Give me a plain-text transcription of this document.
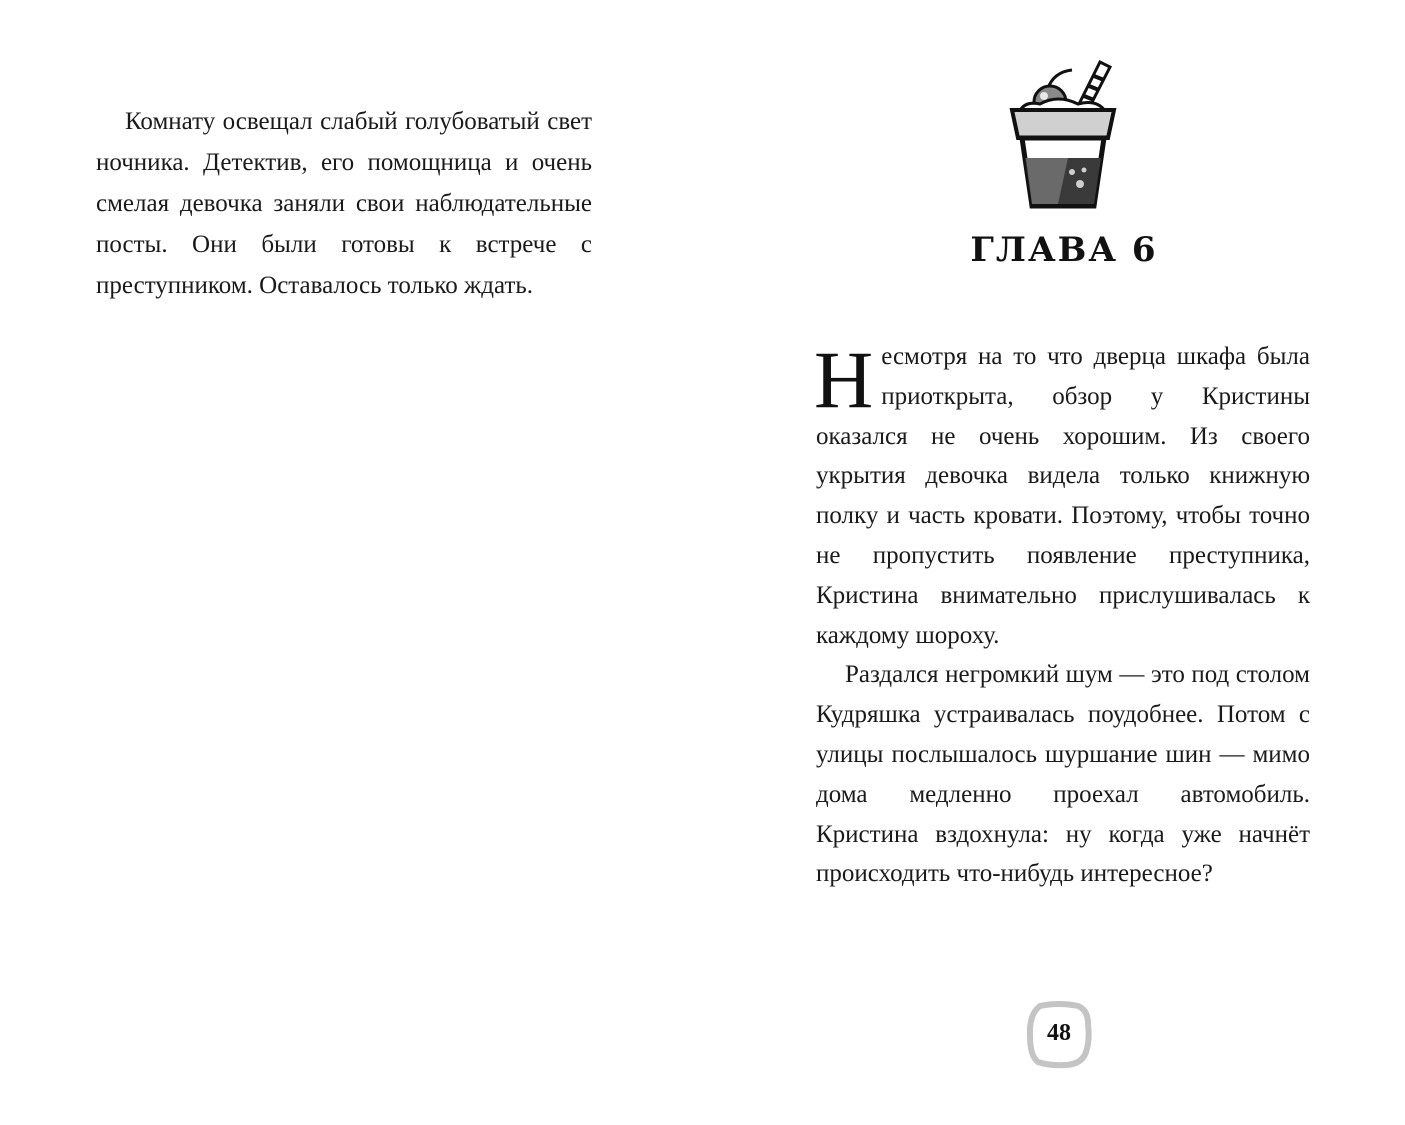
Комнату освещал слабый голубоватый свет ночника. Детектив, его помощница и очень смелая девочка заняли свои наблюдательные посты. Они были готовы к встрече с преступником. Оставалось только ждать.

ГЛАВА 6

Несмотря на то что дверца шкафа была приоткрыта, обзор у Кристины оказался не очень хорошим. Из своего укрытия девочка видела только книжную полку и часть кровати. Поэтому, чтобы точно не пропустить появление преступника, Кристина внимательно прислушивалась к каждому шороху.

Раздался негромкий шум — это под столом Кудряшка устраивалась поудобнее. Потом с улицы послышалось шуршание шин — мимо дома медленно проехал автомобиль. Кристина вздохнула: ну когда уже начнёт происходить что-нибудь интересное?

48
